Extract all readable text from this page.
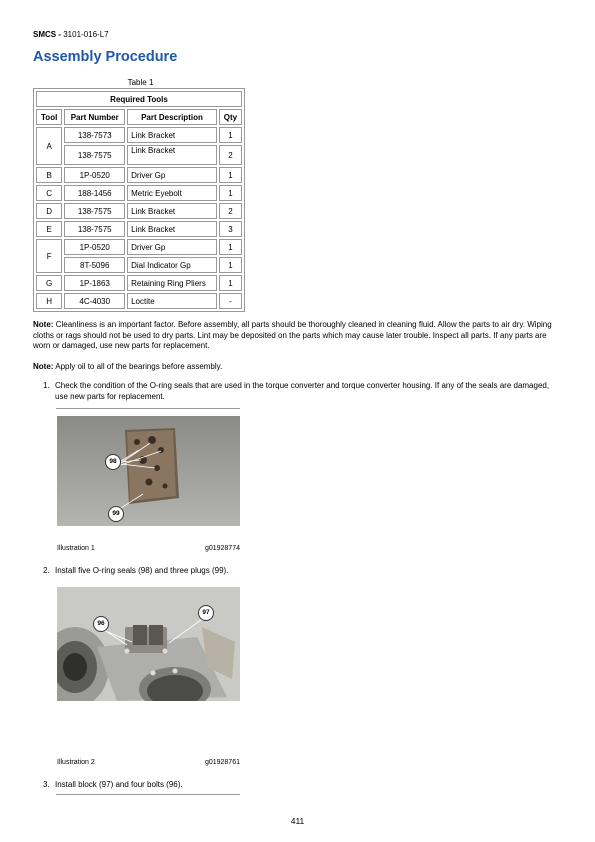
SMCS - 3101-016-L7
Assembly Procedure
Table 1
Required Tools			
Tool	Part Number	Part Description	Qty
A	138-7573	Link Bracket	1
	138-7575	Link Bracket	2
B	1P-0520	Driver Gp	1
C	188-1456	Metric Eyebolt	1
D	138-7575	Link Bracket	2
E	138-7575	Link Bracket	3
F	1P-0520	Driver Gp	1
	8T-5096	Dial Indicator Gp	1
G	1P-1863	Retaining Ring Pliers	1
H	4C-4030	Loctite	-
Note: Cleanliness is an important factor. Before assembly, all parts should be thoroughly cleaned in cleaning fluid. Allow the parts to air dry. Wiping cloths or rags should not be used to dry parts. Lint may be deposited on the parts which may cause later trouble. Inspect all parts. If any parts are worn or damaged, use new parts for replacement.
Note: Apply oil to all of the bearings before assembly.
1. Check the condition of the O-ring seals that are used in the torque converter and torque converter housing. If any of the seals are damaged, use new parts for replacement.
98
99
Illustration 1	g01928774
2. Install five O-ring seals (98) and three plugs (99).
96
97
Illustration 2	g01928761
3. Install block (97) and four bolts (96).
411
